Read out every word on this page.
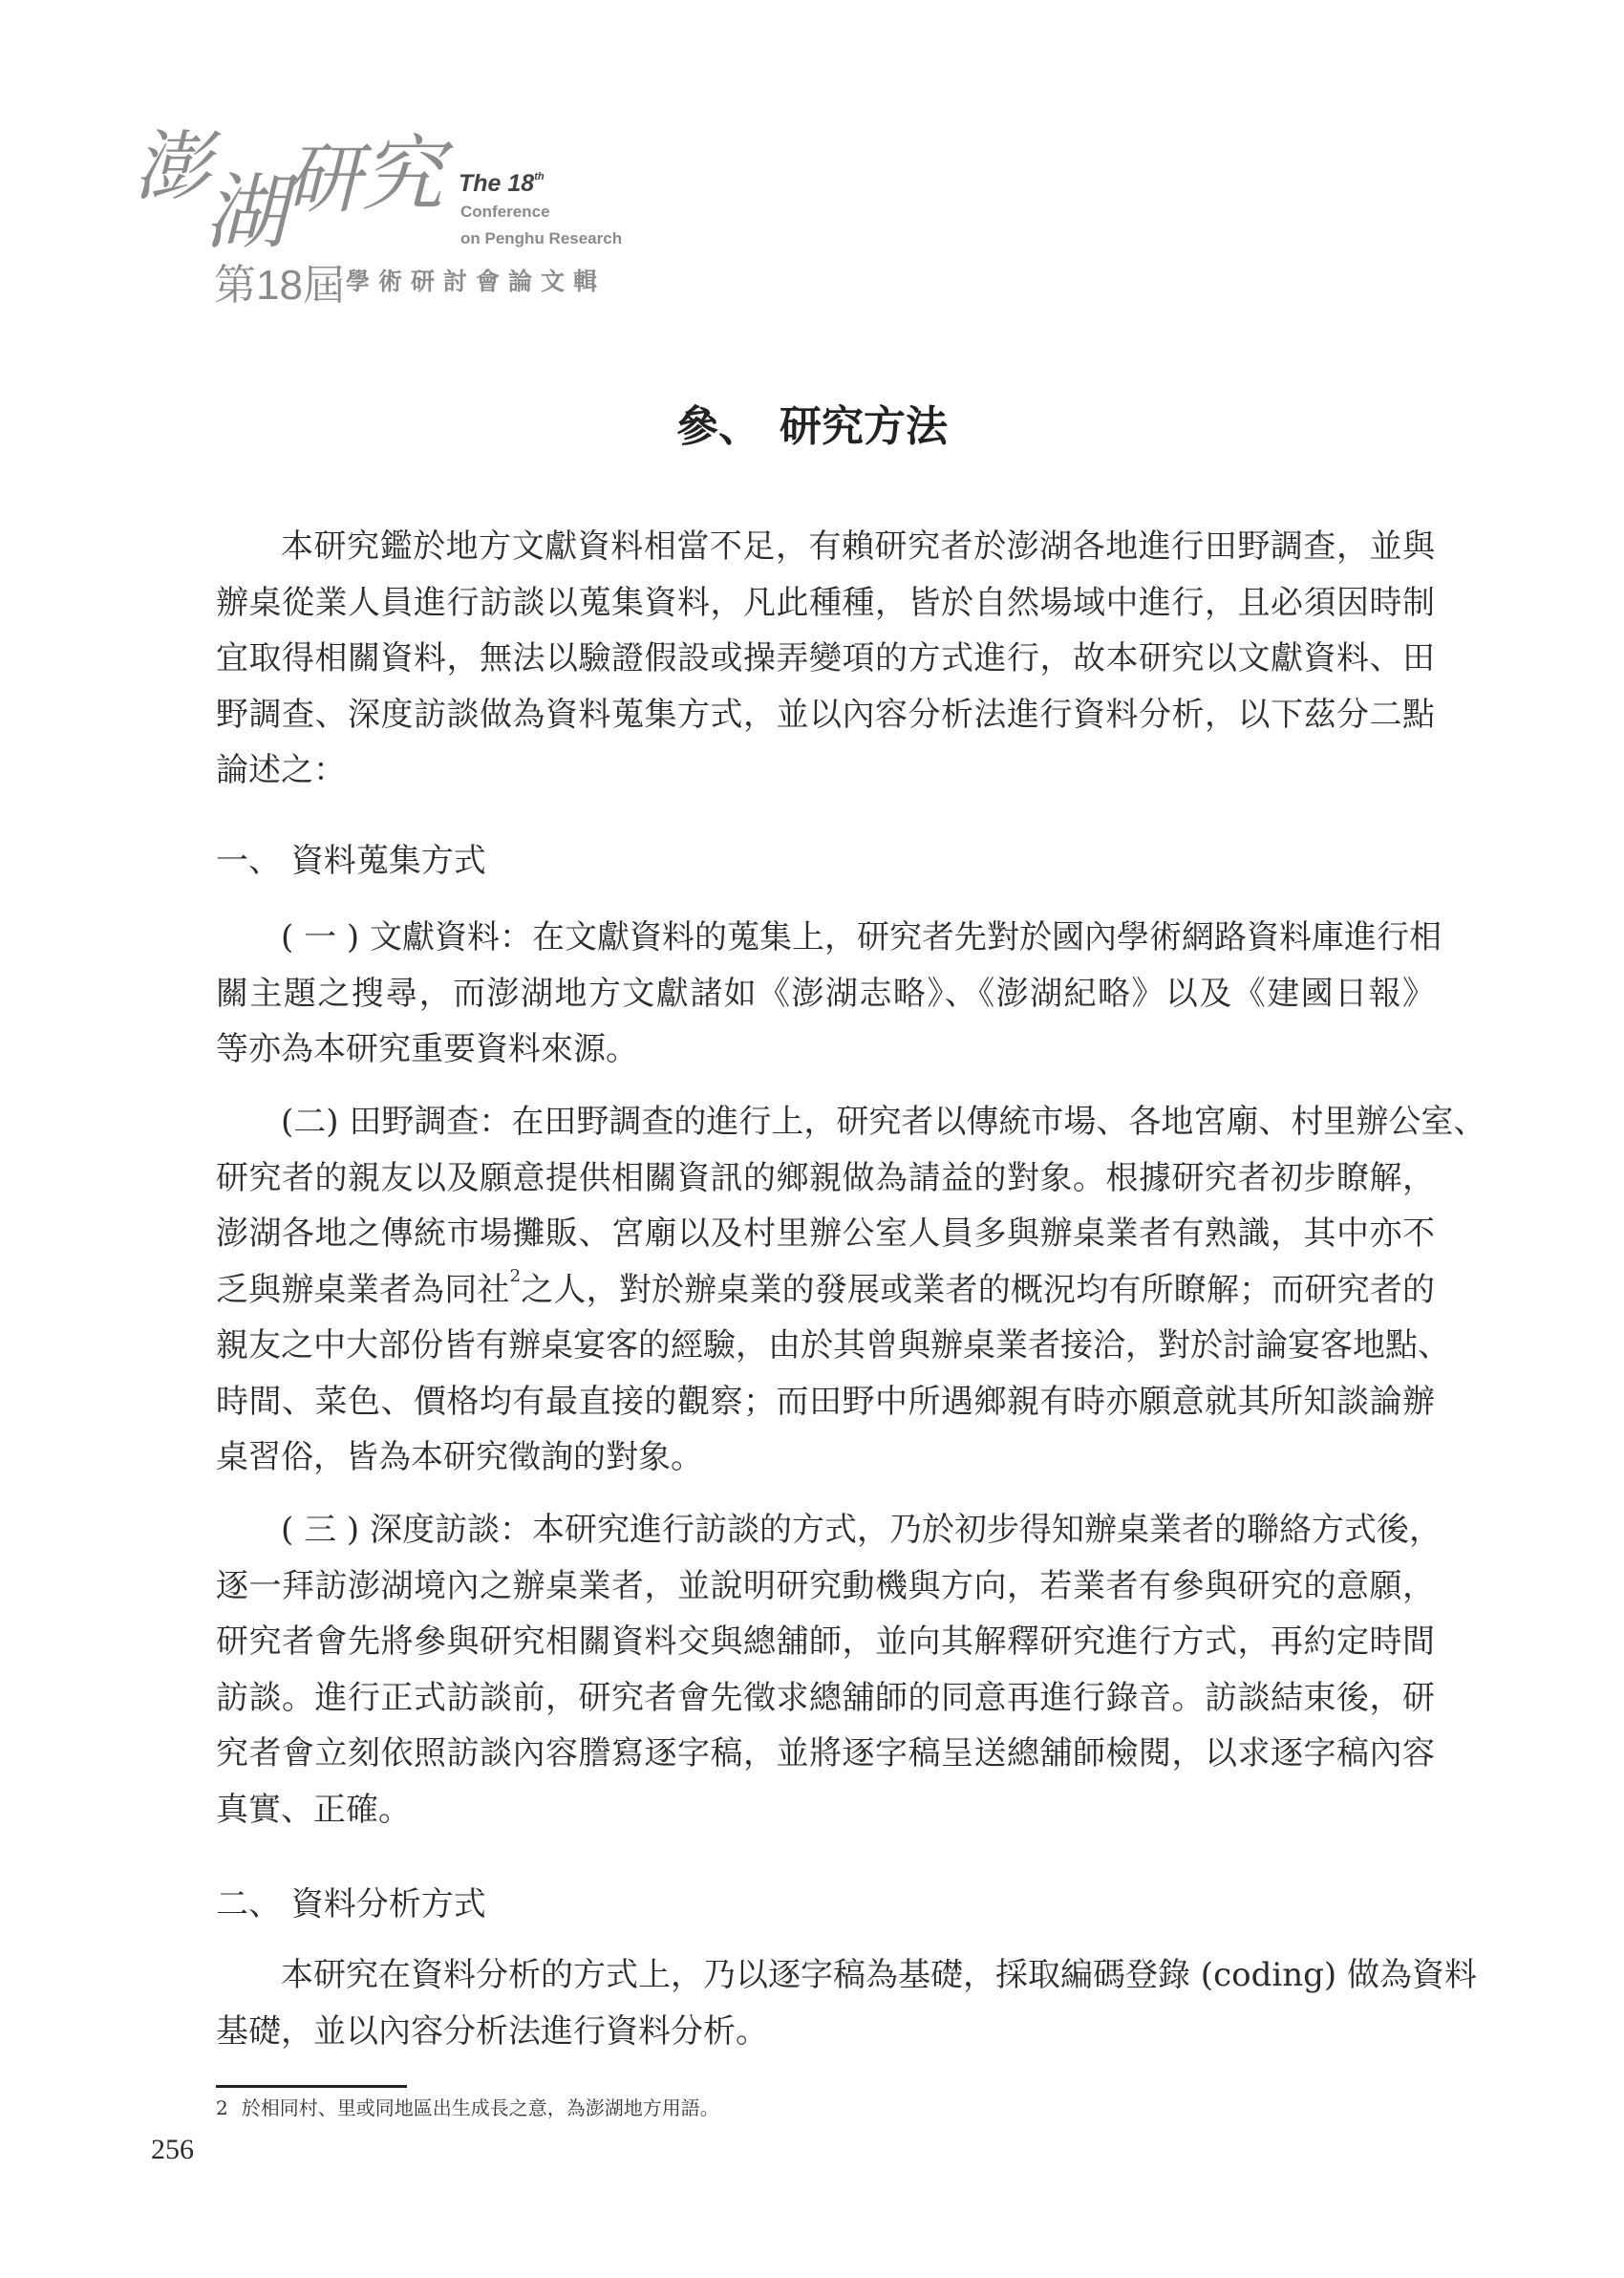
澎
湖
研 究 The 18th
Conference
on Penghu Research
第18屆 學術研討會論文輯
參、 研究方法
本研究鑑於地方文獻資料相當不足，有賴研究者於澎湖各地進行田野調查，並與
辦桌從業人員進行訪談以蒐集資料，凡此種種，皆於自然場域中進行，且必須因時制
宜取得相關資料，無法以驗證假設或操弄變項的方式進行，故本研究以文獻資料、田
野調查、深度訪談做為資料蒐集方式，並以內容分析法進行資料分析，以下茲分二點
論述之：
一、 資料蒐集方式
( 一 ) 文獻資料：在文獻資料的蒐集上，研究者先對於國內學術網路資料庫進行相
關主題之搜尋，而澎湖地方文獻諸如《澎湖志略》、《澎湖紀略》以及《建國日報》
等亦為本研究重要資料來源。
(二) 田野調查：在田野調查的進行上，研究者以傳統市場、各地宮廟、村里辦公室、
研究者的親友以及願意提供相關資訊的鄉親做為請益的對象。根據研究者初步瞭解，
澎湖各地之傳統市場攤販、宮廟以及村里辦公室人員多與辦桌業者有熟識，其中亦不
乏與辦桌業者為同社$^2$之人，對於辦桌業的發展或業者的概況均有所瞭解；而研究者的
親友之中大部份皆有辦桌宴客的經驗，由於其曾與辦桌業者接洽，對於討論宴客地點、
時間、菜色、價格均有最直接的觀察；而田野中所遇鄉親有時亦願意就其所知談論辦
桌習俗，皆為本研究徵詢的對象。
( 三 ) 深度訪談：本研究進行訪談的方式，乃於初步得知辦桌業者的聯絡方式後，
逐一拜訪澎湖境內之辦桌業者，並說明研究動機與方向，若業者有參與研究的意願，
研究者會先將參與研究相關資料交與總舖師，並向其解釋研究進行方式，再約定時間
訪談。進行正式訪談前，研究者會先徵求總舖師的同意再進行錄音。訪談結束後，研
究者會立刻依照訪談內容謄寫逐字稿，並將逐字稿呈送總舖師檢閱，以求逐字稿內容
真實、正確。
二、 資料分析方式
本研究在資料分析的方式上，乃以逐字稿為基礎，採取編碼登錄 (coding) 做為資料
基礎，並以內容分析法進行資料分析。
2 於相同村、里或同地區出生成長之意，為澎湖地方用語。
256
